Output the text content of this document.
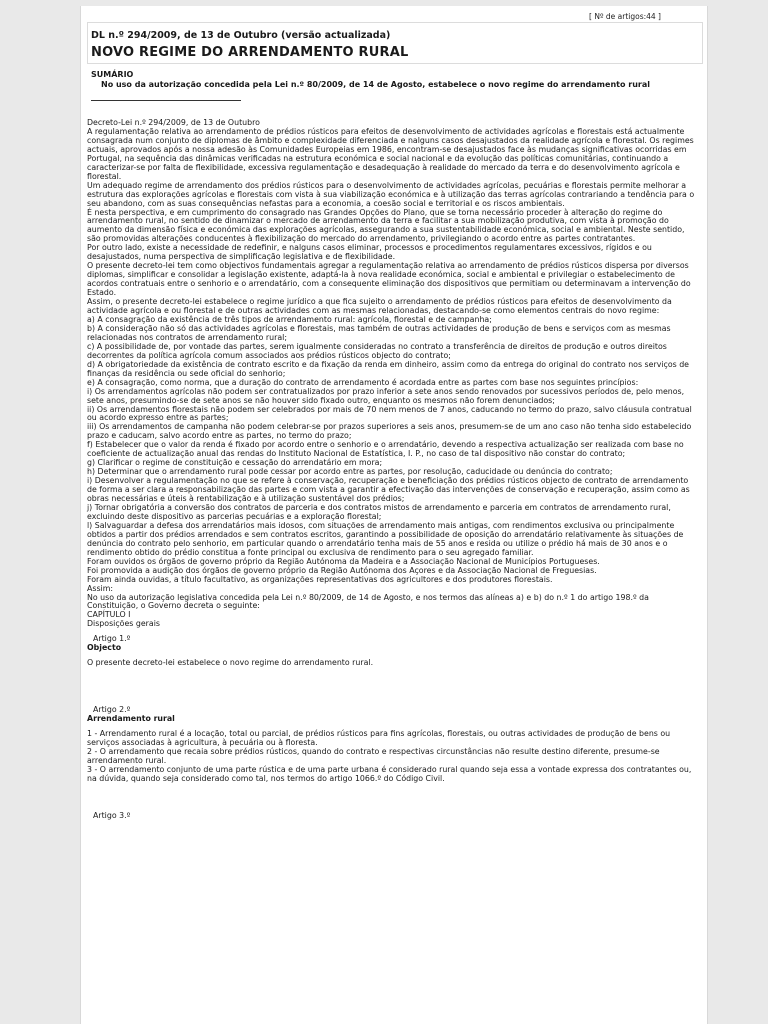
[ Nº de artigos:44 ]
DL n.º 294/2009, de 13 de Outubro (versão actualizada)
NOVO REGIME DO ARRENDAMENTO RURAL
SUMÁRIO
No uso da autorização concedida pela Lei n.º 80/2009, de 14 de Agosto, estabelece o novo regime do arrendamento rural

Decreto-Lei n.º 294/2009, de 13 de Outubro

A regulamentação relativa ao arrendamento de prédios rústicos para efeitos de desenvolvimento de actividades agrícolas e florestais está actualmente consagrada num conjunto de diplomas de âmbito e complexidade diferenciada e nalguns casos desajustados da realidade agrícola e florestal. Os regimes actuais, aprovados após a nossa adesão às Comunidades Europeias em 1986, encontram-se desajustados face às mudanças significativas ocorridas em Portugal, na sequência das dinâmicas verificadas na estrutura económica e social nacional e da evolução das políticas comunitárias, continuando a caracterizar-se por falta de flexibilidade, excessiva regulamentação e desadequação à realidade do mercado da terra e do desenvolvimento agrícola e florestal.

Um adequado regime de arrendamento dos prédios rústicos para o desenvolvimento de actividades agrícolas, pecuárias e florestais permite melhorar a estrutura das explorações agrícolas e florestais com vista à sua viabilização económica e à utilização das terras agrícolas contrariando a tendência para o seu abandono, com as suas consequências nefastas para a economia, a coesão social e territorial e os riscos ambientais.

É nesta perspectiva, e em cumprimento do consagrado nas Grandes Opções do Plano, que se torna necessário proceder à alteração do regime do arrendamento rural, no sentido de dinamizar o mercado de arrendamento da terra e facilitar a sua mobilização produtiva, com vista à promoção do aumento da dimensão física e económica das explorações agrícolas, assegurando a sua sustentabilidade económica, social e ambiental. Neste sentido, são promovidas alterações conducentes à flexibilização do mercado do arrendamento, privilegiando o acordo entre as partes contratantes.

Por outro lado, existe a necessidade de redefinir, e nalguns casos eliminar, processos e procedimentos regulamentares excessivos, rígidos e ou desajustados, numa perspectiva de simplificação legislativa e de flexibilidade.

O presente decreto-lei tem como objectivos fundamentais agregar a regulamentação relativa ao arrendamento de prédios rústicos dispersa por diversos diplomas, simplificar e consolidar a legislação existente, adaptá-la à nova realidade económica, social e ambiental e privilegiar o estabelecimento de acordos contratuais entre o senhorio e o arrendatário, com a consequente eliminação dos dispositivos que permitiam ou determinavam a intervenção do Estado.

Assim, o presente decreto-lei estabelece o regime jurídico a que fica sujeito o arrendamento de prédios rústicos para efeitos de desenvolvimento da actividade agrícola e ou florestal e de outras actividades com as mesmas relacionadas, destacando-se como elementos centrais do novo regime:

a) A consagração da existência de três tipos de arrendamento rural: agrícola, florestal e de campanha;

b) A consideração não só das actividades agrícolas e florestais, mas também de outras actividades de produção de bens e serviços com as mesmas relacionadas nos contratos de arrendamento rural;

c) A possibilidade de, por vontade das partes, serem igualmente consideradas no contrato a transferência de direitos de produção e outros direitos decorrentes da política agrícola comum associados aos prédios rústicos objecto do contrato;

d) A obrigatoriedade da existência de contrato escrito e da fixação da renda em dinheiro, assim como da entrega do original do contrato nos serviços de finanças da residência ou sede oficial do senhorio;

e) A consagração, como norma, que a duração do contrato de arrendamento é acordada entre as partes com base nos seguintes princípios:

i) Os arrendamentos agrícolas não podem ser contratualizados por prazo inferior a sete anos sendo renovados por sucessivos períodos de, pelo menos, sete anos, presumindo-se de sete anos se não houver sido fixado outro, enquanto os mesmos não forem denunciados;

ii) Os arrendamentos florestais não podem ser celebrados por mais de 70 nem menos de 7 anos, caducando no termo do prazo, salvo cláusula contratual ou acordo expresso entre as partes;

iii) Os arrendamentos de campanha não podem celebrar-se por prazos superiores a seis anos, presumem-se de um ano caso não tenha sido estabelecido prazo e caducam, salvo acordo entre as partes, no termo do prazo;

f) Estabelecer que o valor da renda é fixado por acordo entre o senhorio e o arrendatário, devendo a respectiva actualização ser realizada com base no coeficiente de actualização anual das rendas do Instituto Nacional de Estatística, I. P., no caso de tal dispositivo não constar do contrato;

g) Clarificar o regime de constituição e cessação do arrendatário em mora;

h) Determinar que o arrendamento rural pode cessar por acordo entre as partes, por resolução, caducidade ou denúncia do contrato;

i) Desenvolver a regulamentação no que se refere à conservação, recuperação e beneficiação dos prédios rústicos objecto de contrato de arrendamento de forma a ser clara a responsabilização das partes e com vista a garantir a efectivação das intervenções de conservação e recuperação, assim como as obras necessárias e úteis à rentabilização e à utilização sustentável dos prédios;

j) Tornar obrigatória a conversão dos contratos de parceria e dos contratos mistos de arrendamento e parceria em contratos de arrendamento rural, excluindo deste dispositivo as parcerias pecuárias e a exploração florestal;

l) Salvaguardar a defesa dos arrendatários mais idosos, com situações de arrendamento mais antigas, com rendimentos exclusiva ou principalmente obtidos a partir dos prédios arrendados e sem contratos escritos, garantindo a possibilidade de oposição do arrendatário relativamente às situações de denúncia do contrato pelo senhorio, em particular quando o arrendatário tenha mais de 55 anos e resida ou utilize o prédio há mais de 30 anos e o rendimento obtido do prédio constitua a fonte principal ou exclusiva de rendimento para o seu agregado familiar.

Foram ouvidos os órgãos de governo próprio da Região Autónoma da Madeira e a Associação Nacional de Municípios Portugueses.

Foi promovida a audição dos órgãos de governo próprio da Região Autónoma dos Açores e da Associação Nacional de Freguesias.

Foram ainda ouvidas, a título facultativo, as organizações representativas dos agricultores e dos produtores florestais.

Assim:

No uso da autorização legislativa concedida pela Lei n.º 80/2009, de 14 de Agosto, e nos termos das alíneas a) e b) do n.º 1 do artigo 198.º da Constituição, o Governo decreta o seguinte:

CAPÍTULO I

Disposições gerais

Artigo 1.º

Objecto

O presente decreto-lei estabelece o novo regime do arrendamento rural.

Artigo 2.º

Arrendamento rural

1 - Arrendamento rural é a locação, total ou parcial, de prédios rústicos para fins agrícolas, florestais, ou outras actividades de produção de bens ou serviços associadas à agricultura, à pecuária ou à floresta.

2 - O arrendamento que recaia sobre prédios rústicos, quando do contrato e respectivas circunstâncias não resulte destino diferente, presume-se arrendamento rural.

3 - O arrendamento conjunto de uma parte rústica e de uma parte urbana é considerado rural quando seja essa a vontade expressa dos contratantes ou, na dúvida, quando seja considerado como tal, nos termos do artigo 1066.º do Código Civil.

Artigo 3.º
